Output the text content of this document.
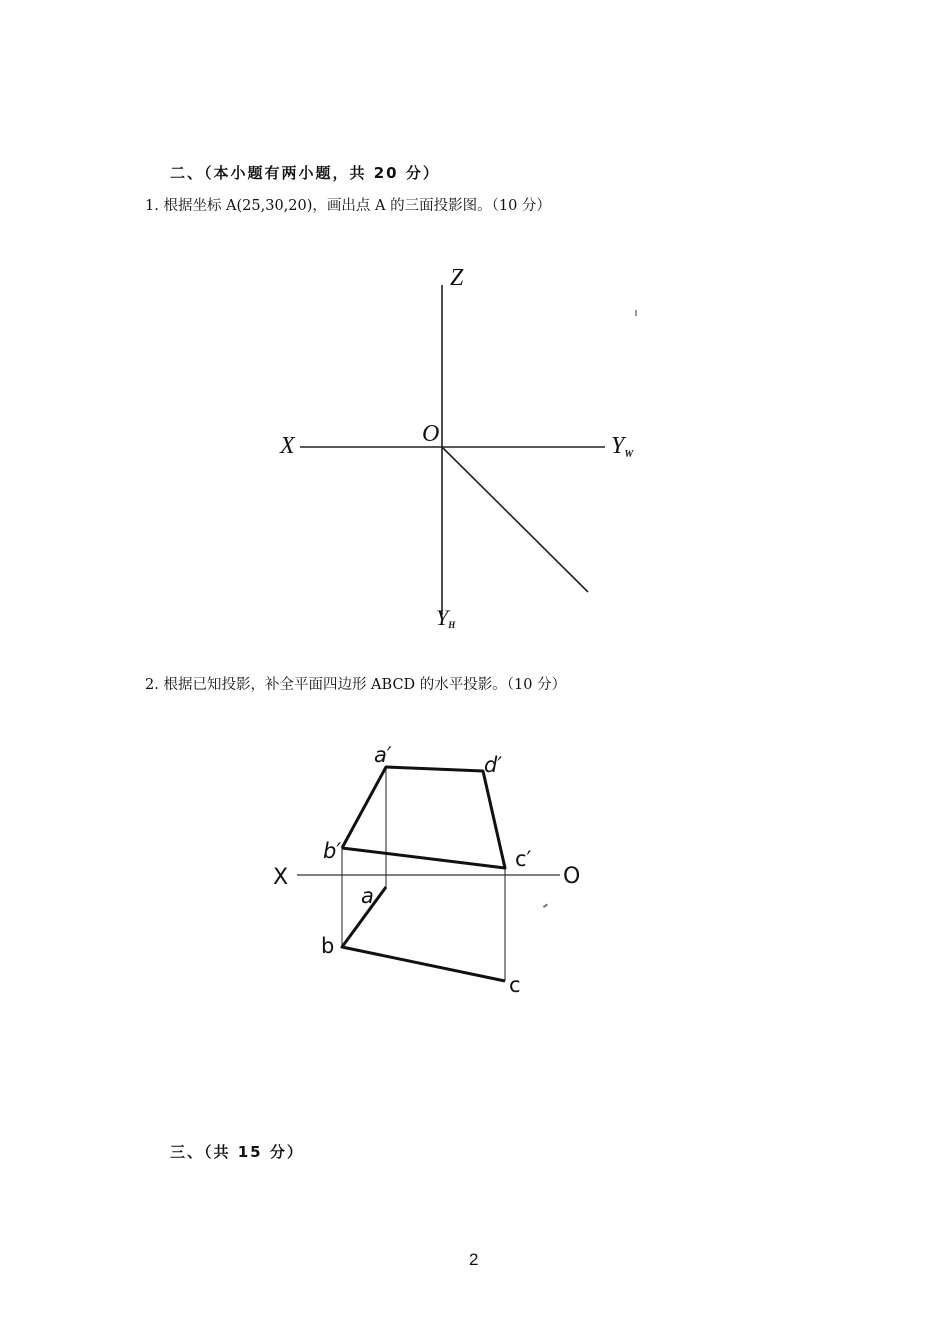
二、（本小题有两小题，共 20 分）
1. 根据坐标 A(25,30,20)，画出点 A 的三面投影图。（10 分）
Z
X	O	YW
YH
2. 根据已知投影，补全平面四边形 ABCD 的水平投影。（10 分）
X	O
a′	d′
b′	c′
a
b
c
三、（共 15 分）
2
